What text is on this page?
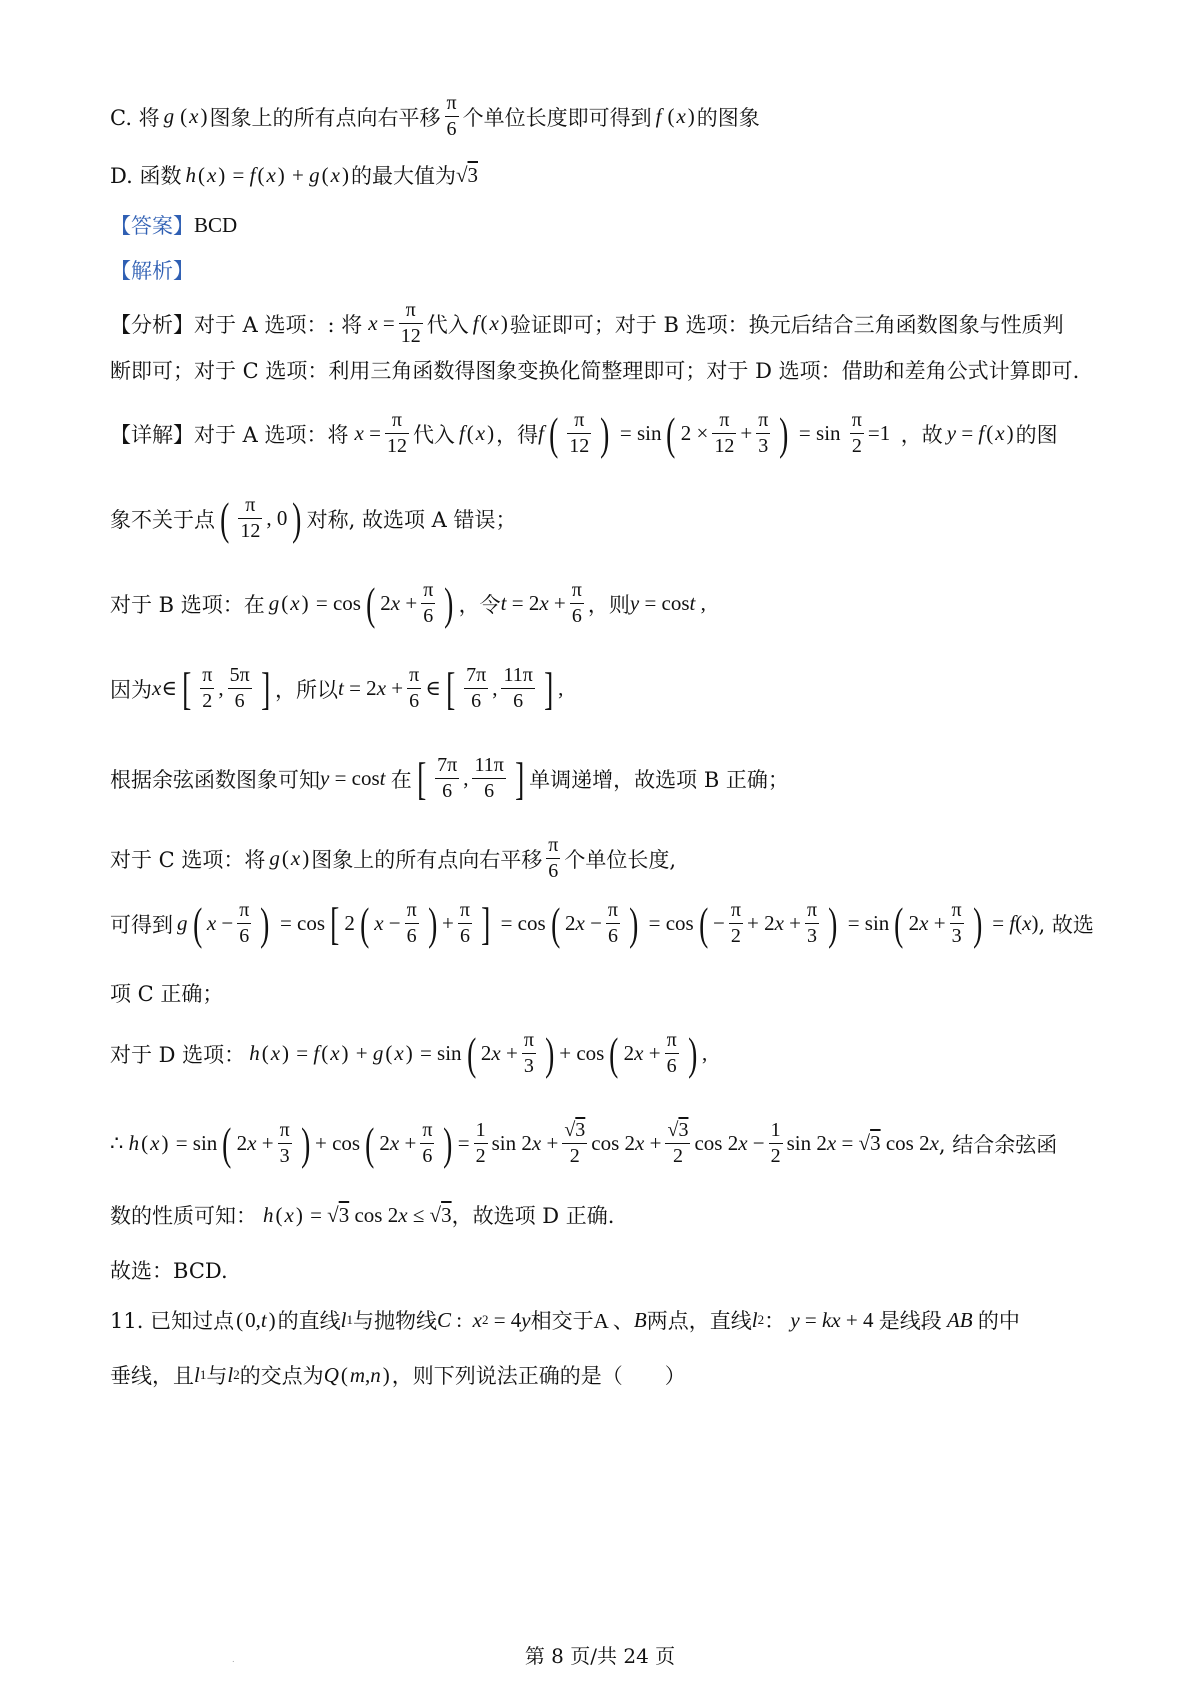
C. 将 g ( x ) 图象上的所有点向右平移 $\frac{\pi}{6}$ 个单位长度即可得到 f ( x ) 的图象
D. 函数 h ( x ) = f ( x ) + g ( x ) 的最大值为 √3
【答案】 BCD
【解析】
【分析】 对于 A 选项：: 将 $x = \frac{\pi}{12}$ 代入 f ( x ) 验证即可；对于 B 选项：换元后结合三角函数图象与性质判
断即可；对于 C 选项：利用三角函数得图象变换化简整理即可；对于 D 选项：借助和差角公式计算即可.
【详解】 对于 A 选项：将 $x = \frac{\pi}{12}$ 代入 f ( x ) ，得 f ( $\frac{\pi}{12}$ ) = sin ( $2 \times \frac{\pi}{12} + \frac{\pi}{3}$ ) = $\sin \frac{\pi}{2} =1$ ，故 y = f ( x ) 的图
象不关于点 ( $\frac{\pi}{12}$ , 0 ) 对称, 故选项 A 错误；
对于 B 选项：在 g ( x ) = cos ( 2 $x + \frac{\pi}{6}$ ) ，令 t = 2 $x + \frac{\pi}{6}$ ，则 y = cos t ,
因为 x ∈ [ $\frac{\pi}{2}$ , $\frac{5\pi}{6}$ ] ，所以 t = 2 $x + \frac{\pi}{6}$ ∈ [ $\frac{7\pi}{6}$ , $\frac{11\pi}{6}$ ] ,
根据余弦函数图象可知 y = cos t
在 [ $\frac{7\pi}{6}$ , $\frac{11\pi}{6}$ ] 单调递增，故选项 B 正确；
对于 C 选项：将 g ( x ) 图象上的所有点向右平移 $\frac{\pi}{6}$ 个单位长度,
可得到 g ( $x - \frac{\pi}{6}$ ) = cos [ 2 ( $x - \frac{\pi}{6}$ ) + $\frac{\pi}{6}$ ] = cos ( 2 $x - \frac{\pi}{6}$ ) = cos ( − $\frac{\pi}{2} + 2$ $x + \frac{\pi}{3}$ ) = sin ( 2 $x + \frac{\pi}{3}$ ) = f ( x ) , 故选
项 C 正确；
对于 D 选项： h ( x ) = f ( x ) + g ( x ) = sin ( 2 $x + \frac{\pi}{3}$ ) + cos ( 2 $x + \frac{\pi}{6}$ ) ,
∴ h ( x ) = sin ( 2 $x + \frac{\pi}{3}$ ) + cos ( 2 $x + \frac{\pi}{6}$ ) = $\frac{1}{2}$ sin 2 $x + \frac{√3}{2}$ cos 2 $x + \frac{√3}{2}$ cos 2 $x - \frac{1}{2}$ sin 2 x = √3 cos 2 x , 结合余弦函
数的性质可知： h ( x ) = √3 cos 2 x ≤ √3 ，故选项 D 正确.
故选：BCD.
11. 已知过点 ( 0, t ) 的直线 l 1 与抛物线 C : x 2 = 4 y 相交于 A 、 B 两点，直线 l 2 ： y = kx + 4 是线段 AB 的中
垂线，且 l 1 与 l 2 的交点为 Q ( m , n ) ，则下列说法正确的是（　　）
.	第 8 页/共 24 页
